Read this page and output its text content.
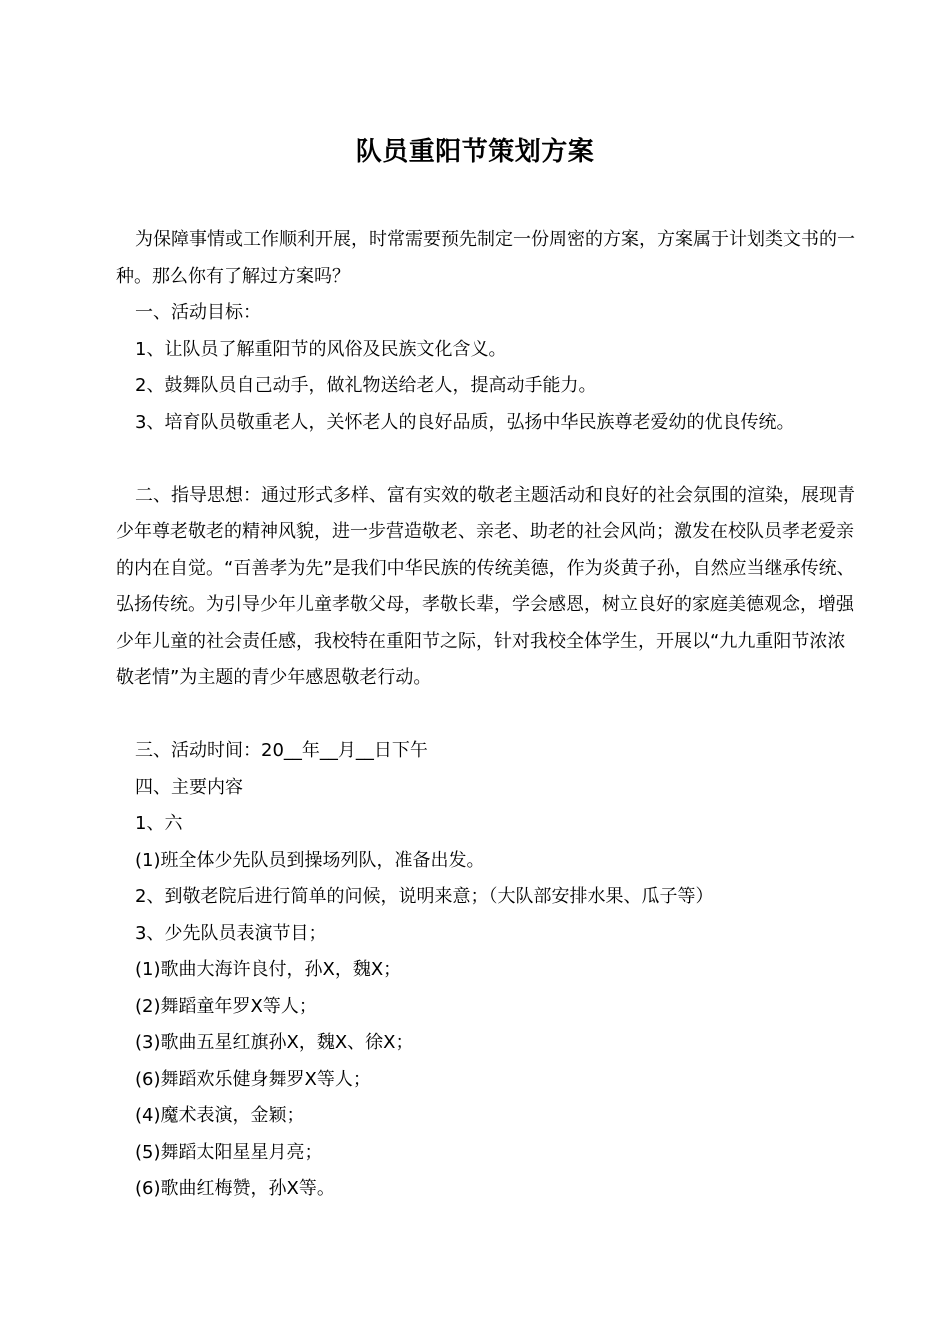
队员重阳节策划方案

为保障事情或工作顺利开展，时常需要预先制定一份周密的方案，方案属于计划类文书的一种。那么你有了解过方案吗？

一、活动目标：

1、让队员了解重阳节的风俗及民族文化含义。

2、鼓舞队员自己动手，做礼物送给老人，提高动手能力。

3、培育队员敬重老人，关怀老人的良好品质，弘扬中华民族尊老爱幼的优良传统。

二、指导思想：通过形式多样、富有实效的敬老主题活动和良好的社会氛围的渲染，展现青少年尊老敬老的精神风貌，进一步营造敬老、亲老、助老的社会风尚；激发在校队员孝老爱亲的内在自觉。“百善孝为先”是我们中华民族的传统美德，作为炎黄子孙，自然应当继承传统、弘扬传统。为引导少年儿童孝敬父母，孝敬长辈，学会感恩，树立良好的家庭美德观念，增强少年儿童的社会责任感，我校特在重阳节之际，针对我校全体学生，开展以“九九重阳节浓浓敬老情”为主题的青少年感恩敬老行动。

三、活动时间：20__年__月__日下午

四、主要内容

1、六

(1)班全体少先队员到操场列队，准备出发。

2、到敬老院后进行简单的问候，说明来意；（大队部安排水果、瓜子等）

3、少先队员表演节目；

(1)歌曲大海许良付，孙X，魏X；

(2)舞蹈童年罗X等人；

(3)歌曲五星红旗孙X，魏X、徐X；

(6)舞蹈欢乐健身舞罗X等人；

(4)魔术表演，金颖；

(5)舞蹈太阳星星月亮；

(6)歌曲红梅赞，孙X等。
